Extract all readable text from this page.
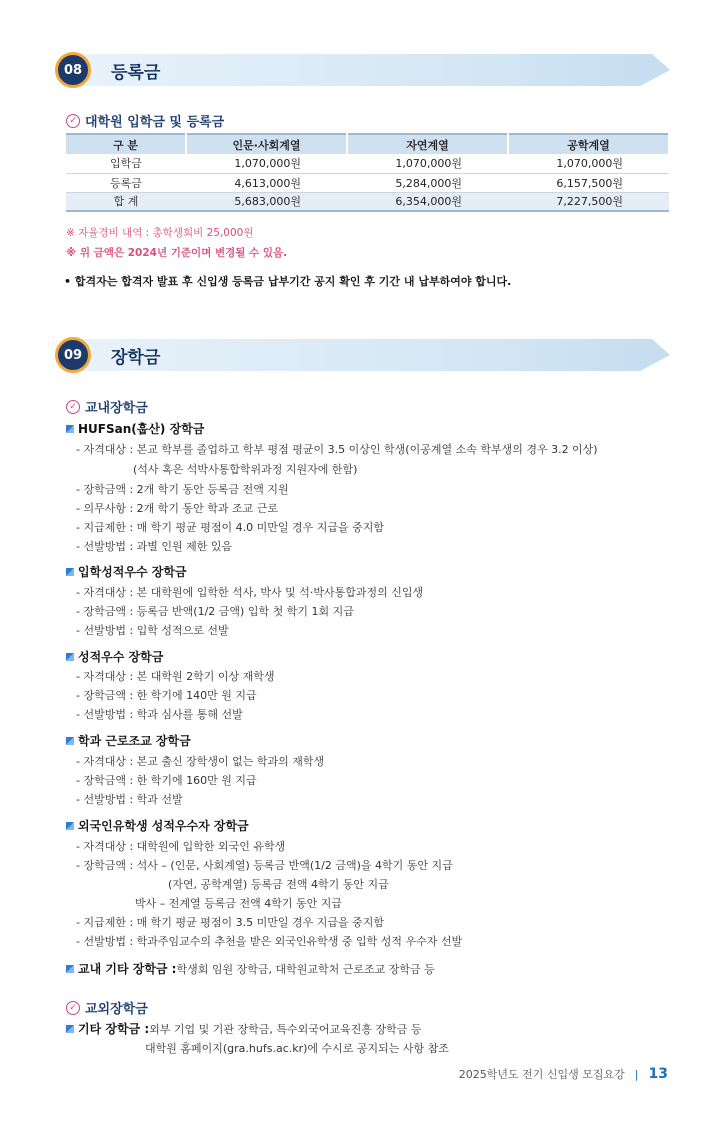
08	등록금
✓ 대학원 입학금 및 등록금
구 분	인문·사회계열	자연계열	공학계열
입학금	1,070,000원	1,070,000원	1,070,000원
등록금	4,613,000원	5,284,000원	6,157,500원
합 계	5,683,000원	6,354,000원	7,227,500원
※ 자율경비 내역 : 총학생회비 25,000원
※ 위 금액은 2024년 기준이며 변경될 수 있음.
• 합격자는 합격자 발표 후 신입생 등록금 납부기간 공지 확인 후 기간 내 납부하여야 합니다.
09	장학금
✓ 교내장학금
HUFSan(훕산) 장학금
- 자격대상 : 본교 학부를 졸업하고 학부 평점 평균이 3.5 이상인 학생(이공계열 소속 학부생의 경우 3.2 이상)
(석사 혹은 석박사통합학위과정 지원자에 한함)
- 장학금액 : 2개 학기 동안 등록금 전액 지원
- 의무사항 : 2개 학기 동안 학과 조교 근로
- 지급제한 : 매 학기 평균 평점이 4.0 미만일 경우 지급을 중지함
- 선발방법 : 과별 인원 제한 있음
입학성적우수 장학금
- 자격대상 : 본 대학원에 입학한 석사, 박사 및 석·박사통합과정의 신입생
- 장학금액 : 등록금 반액(1/2 금액) 입학 첫 학기 1회 지급
- 선발방법 : 입학 성적으로 선발
성적우수 장학금
- 자격대상 : 본 대학원 2학기 이상 재학생
- 장학금액 : 한 학기에 140만 원 지급
- 선발방법 : 학과 심사를 통해 선발
학과 근로조교 장학금
- 자격대상 : 본교 출신 장학생이 없는 학과의 재학생
- 장학금액 : 한 학기에 160만 원 지급
- 선발방법 : 학과 선발
외국인유학생 성적우수자 장학금
- 자격대상 : 대학원에 입학한 외국인 유학생
- 장학금액 : 석사 – (인문, 사회계열) 등록금 반액(1/2 금액)을 4학기 동안 지급
(자연, 공학계열) 등록금 전액 4학기 동안 지급
박사 – 전계열 등록금 전액 4학기 동안 지급
- 지급제한 : 매 학기 평균 평점이 3.5 미만일 경우 지급을 중지함
- 선발방법 : 학과주임교수의 추천을 받은 외국인유학생 중 입학 성적 우수자 선발
교내 기타 장학금 : 학생회 임원 장학금, 대학원교학처 근로조교 장학금 등
✓ 교외장학금
기타 장학금 : 외부 기업 및 기관 장학금, 특수외국어교육진흥 장학금 등
대학원 홈페이지(gra.hufs.ac.kr)에 수시로 공지되는 사항 참조
2025학년도 전기 신입생 모집요강 | 13
